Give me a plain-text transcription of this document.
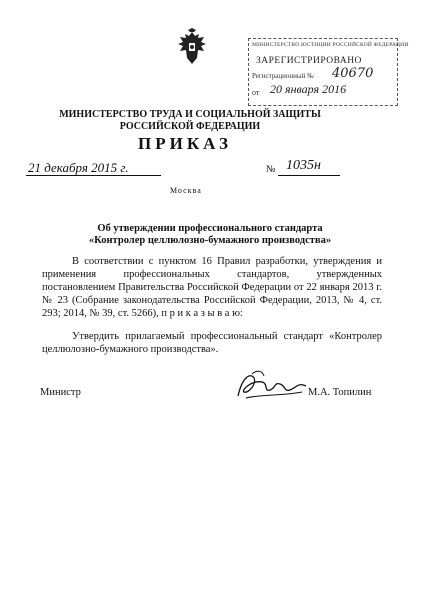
МИНИСТЕРСТВО ЮСТИЦИИ РОССИЙСКОЙ ФЕДЕРАЦИИ
ЗАРЕГИСТРИРОВАНО
Регистрационный № 40670
от 20 января 2016
МИНИСТЕРСТВО ТРУДА И СОЦИАЛЬНОЙ ЗАЩИТЫ
РОССИЙСКОЙ ФЕДЕРАЦИИ
ПРИКАЗ
21 декабря 2015 г.	№ 1035н
Москва
Об утверждении профессионального стандарта
«Контролер целлюлозно-бумажного производства»

В соответствии с пунктом 16 Правил разработки, утверждения и применения профессиональных стандартов, утвержденных постановлением Правительства Российской Федерации от 22 января 2013 г. № 23 (Собрание законодательства Российской Федерации, 2013, № 4, ст. 293; 2014, № 39, ст. 5266), п р и к а з ы в а ю:

Утвердить прилагаемый профессиональный стандарт «Контролер целлюлозно-бумажного производства».

Министр	М.А. Топилин
